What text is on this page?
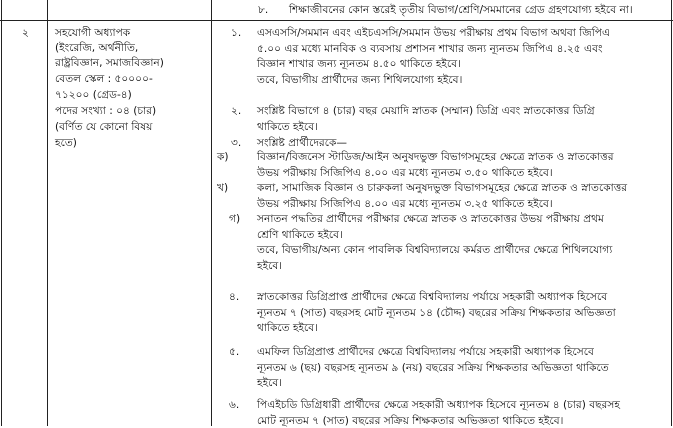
৮. শিক্ষাজীবনের কোন স্তরেই তৃতীয় বিভাগ/শ্রেণি/সমমানের গ্রেড গ্রহণযোগ্য হইবে না।
২ সহযোগী অধ্যাপক
(ইংরেজি, অর্থনীতি,
রাষ্ট্রবিজ্ঞান, সমাজবিজ্ঞান)
বেতল স্কেল : ৫০০০০-
৭১২০০ (গ্রেড-৪)
পদের সংখ্যা : ০৪ (চার)
(বর্ণিত যে কোনো বিষয়
হতে)
১. এসএসসি/সমমান এবং এইচএসসি/সমমান উভয় পরীক্ষায় প্রথম বিভাগ অথবা জিপিএ
৫.০০ এর মধ্যে মানবিক ও ব্যবসায় প্রশাসন শাখার জন্য ন্যূনতম জিপিএ ৪.২৫ এবং
বিজ্ঞান শাখার জন্য ন্যূনতম ৪.৫০ থাকিতে হইবে।
তবে, বিভাগীয় প্রার্থীদের জন্য শিথিলযোগ্য হইবে।
২. সংশ্লিষ্ট বিভাগে ৪ (চার) বছর মেয়াদি স্নাতক (সম্মান) ডিগ্রি এবং স্নাতকোত্তর ডিগ্রি
থাকিতে হইবে।
৩. সংশ্লিষ্ট প্রার্থীদেরকে—
ক)	বিজ্ঞান/বিজনেস স্টাডিজ/আইন অনুষদভুক্ত বিভাগসমূহের ক্ষেত্রে স্নাতক ও স্নাতকোত্তর
উভয় পরীক্ষায় সিজিপিএ ৪.০০ এর মধ্যে ন্যূনতম ৩.৫০ থাকিতে হইবে।
খ)	কলা, সামাজিক বিজ্ঞান ও চারুকলা অনুষদভুক্ত বিভাগসমূহের ক্ষেত্রে স্নাতক ও স্নাতকোত্তর
উভয় পরীক্ষায় সিজিপিএ ৪.০০ এর মধ্যে ন্যূনতম ৩.২৫ থাকিতে হইবে।
গ) সনাতন পদ্ধতির প্রার্থীদের পরীক্ষার ক্ষেত্রে স্নাতক ও স্নাতকোত্তর উভয় পরীক্ষায় প্রথম
শ্রেণি থাকিতে হইবে।
তবে, বিভাগীয়/অন্য কোন পাবলিক বিশ্ববিদ্যালয়ে কর্মরত প্রার্থীদের ক্ষেত্রে শিথিলযোগ্য
হইবে।
৪. স্নাতকোত্তর ডিগ্রিপ্রাপ্ত প্রার্থীদের ক্ষেত্রে বিশ্ববিদ্যালয় পর্যায়ে সহকারী অধ্যাপক হিসেবে
ন্যূনতম ৭ (সাত) বছরসহ মোট ন্যূনতম ১৪ (চৌদ্দ) বছরের সক্রিয় শিক্ষকতার অভিজ্ঞতা
থাকিতে হইবে।
৫. এমফিল ডিগ্রিপ্রাপ্ত প্রার্থীদের ক্ষেত্রে বিশ্ববিদ্যালয় পর্যায়ে সহকারী অধ্যাপক হিসেবে
ন্যূনতম ৬ (ছয়) বছরসহ ন্যূনতম ৯ (নয়) বছরের সক্রিয় শিক্ষকতার অভিজ্ঞতা থাকিতে
হইবে।
৬. পিএইচডি ডিগ্রিধারী প্রার্থীদের ক্ষেত্রে সহকারী অধ্যাপক হিসেবে ন্যূনতম ৪ (চার) বছরসহ
মোট ন্যূনতম ৭ (সাত) বছরের সক্রিয় শিক্ষকতার অভিজ্ঞতা থাকিতে হইবে।
